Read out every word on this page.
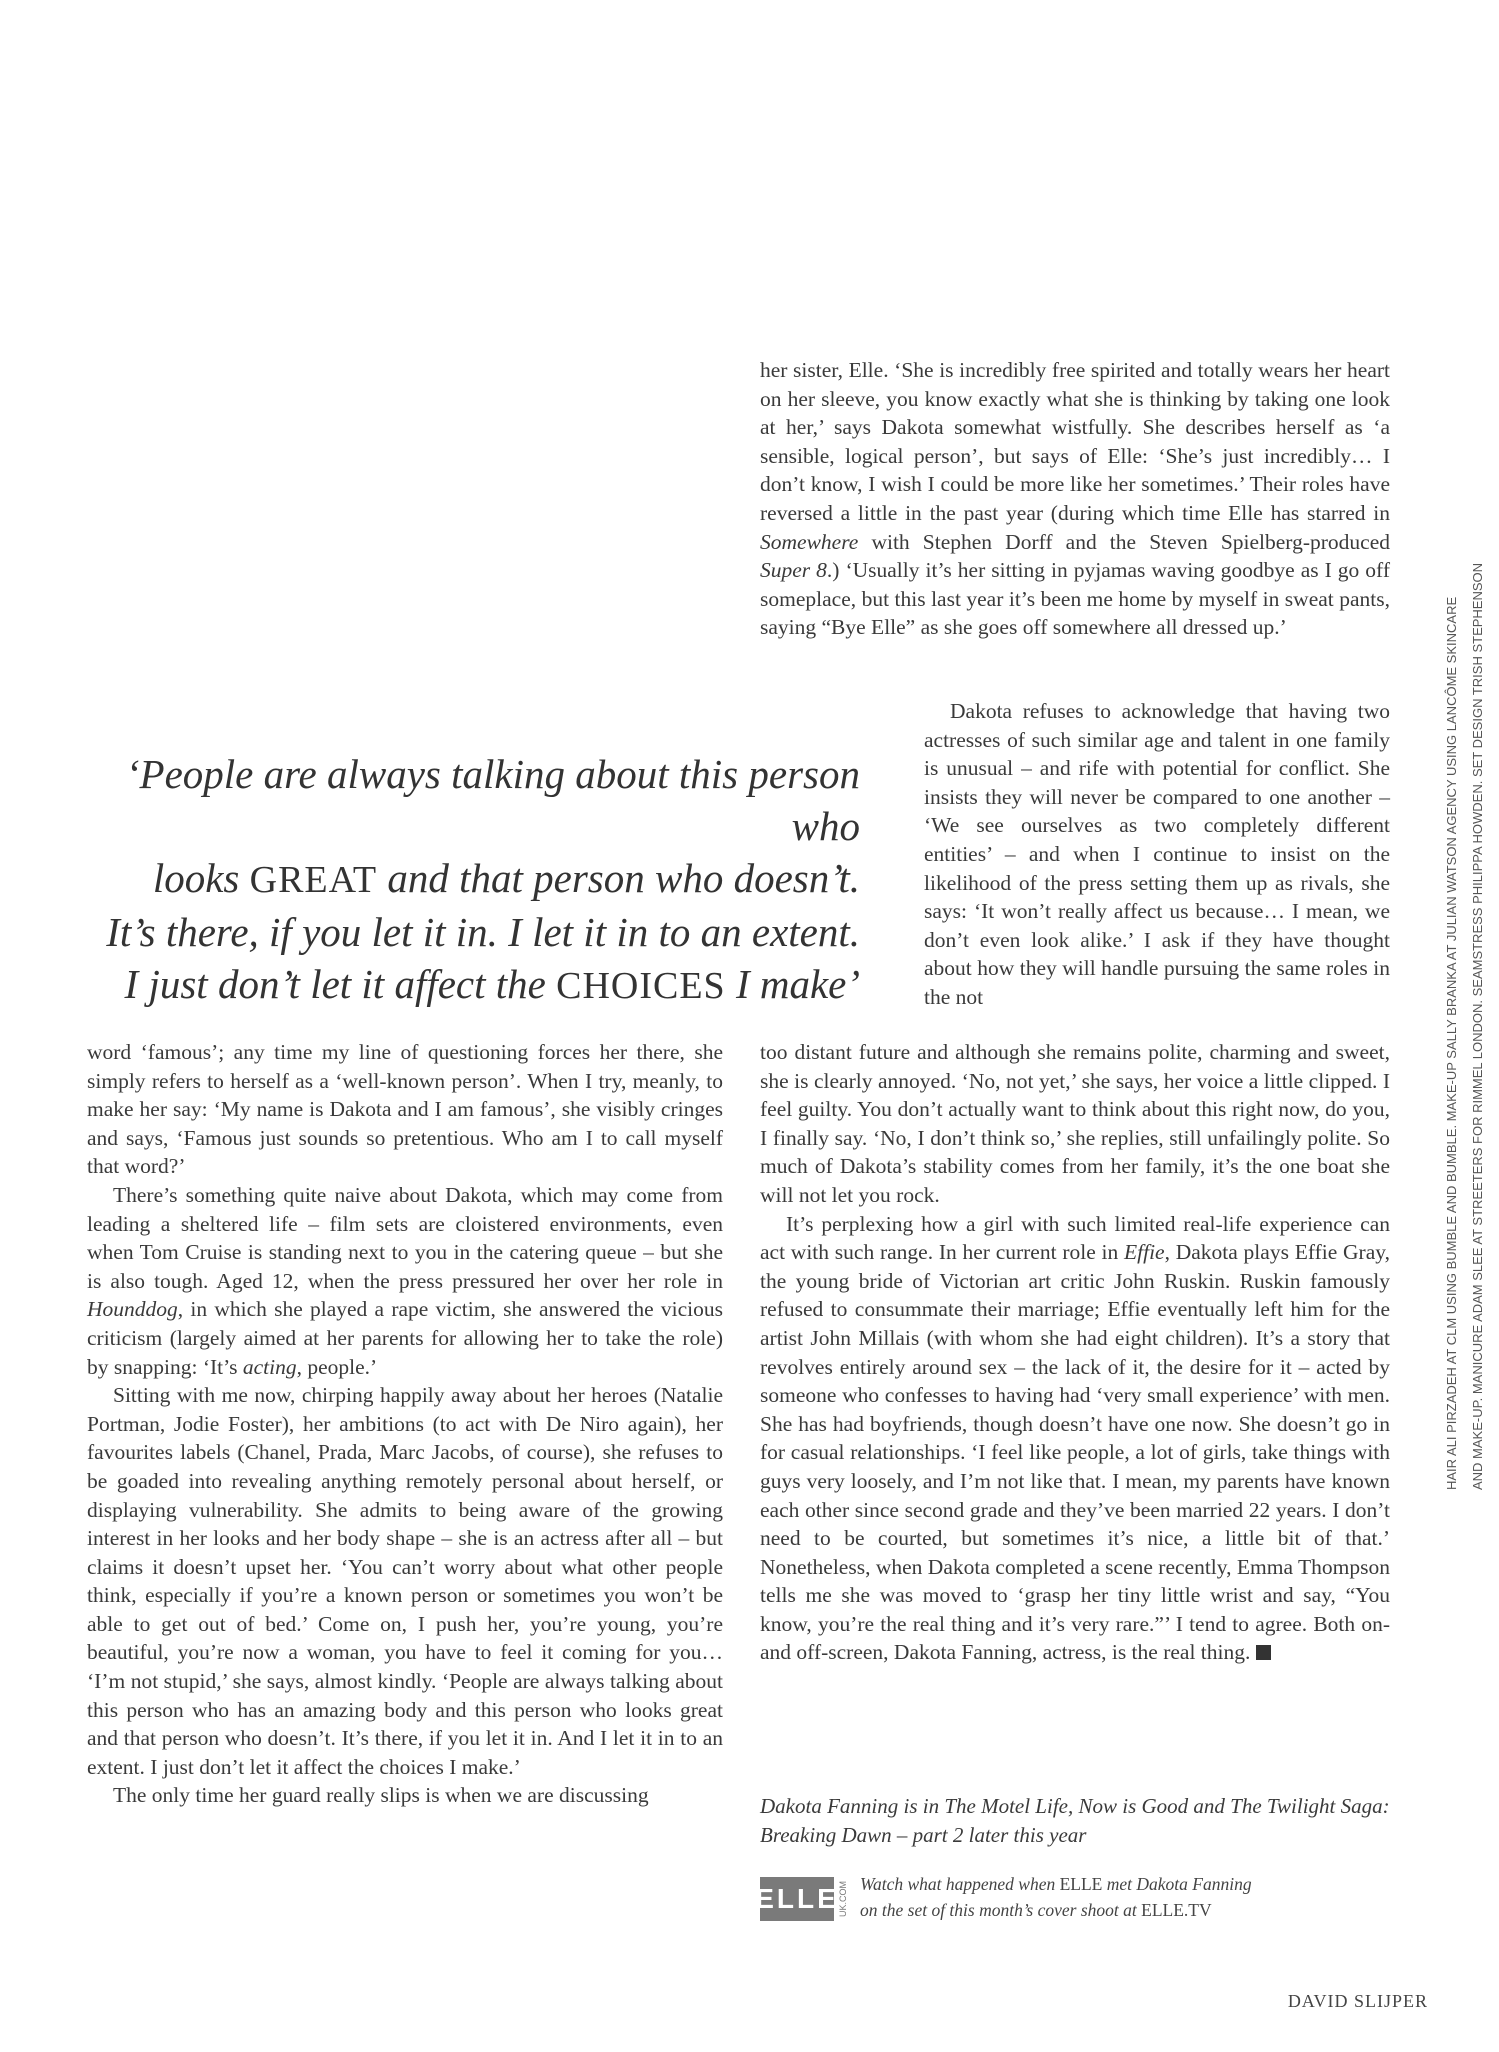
‘People are always talking about this person who
looks GREAT and that person who doesn’t.
It’s there, if you let it in. I let it in to an extent.
I just don’t let it affect the CHOICES I make’

her sister, Elle. ‘She is incredibly free spirited and totally wears her heart on her sleeve, you know exactly what she is thinking by taking one look at her,’ says Dakota somewhat wistfully. She describes herself as ‘a sensible, logical person’, but says of Elle: ‘She’s just incredibly… I don’t know, I wish I could be more like her sometimes.’ Their roles have reversed a little in the past year (during which time Elle has starred in Somewhere with Stephen Dorff and the Steven Spielberg-produced Super 8.) ‘Usually it’s her sitting in pyjamas waving goodbye as I go off someplace, but this last year it’s been me home by myself in sweat pants, saying “Bye Elle” as she goes off somewhere all dressed up.’

Dakota refuses to acknowledge that having two actresses of such similar age and talent in one family is unusual – and rife with potential for conflict. She insists they will never be compared to one another – ‘We see ourselves as two completely different entities’ – and when I continue to insist on the likelihood of the press setting them up as rivals, she says: ‘It won’t really affect us because… I mean, we don’t even look alike.’ I ask if they have thought about how they will handle pursuing the same roles in the not

too distant future and although she remains polite, charming and sweet, she is clearly annoyed. ‘No, not yet,’ she says, her voice a little clipped. I feel guilty. You don’t actually want to think about this right now, do you, I finally say. ‘No, I don’t think so,’ she replies, still unfailingly polite. So much of Dakota’s stability comes from her family, it’s the one boat she will not let you rock.

It’s perplexing how a girl with such limited real-life experience can act with such range. In her current role in Effie, Dakota plays Effie Gray, the young bride of Victorian art critic John Ruskin. Ruskin famously refused to consummate their marriage; Effie eventually left him for the artist John Millais (with whom she had eight children). It’s a story that revolves entirely around sex – the lack of it, the desire for it – acted by someone who confesses to having had ‘very small experience’ with men. She has had boyfriends, though doesn’t have one now. She doesn’t go in for casual relationships. ‘I feel like people, a lot of girls, take things with guys very loosely, and I’m not like that. I mean, my parents have known each other since second grade and they’ve been married 22 years. I don’t need to be courted, but sometimes it’s nice, a little bit of that.’ Nonetheless, when Dakota completed a scene recently, Emma Thompson tells me she was moved to ‘grasp her tiny little wrist and say, “You know, you’re the real thing and it’s very rare.”’ I tend to agree. Both on- and off-screen, Dakota Fanning, actress, is the real thing.

Dakota Fanning is in The Motel Life, Now is Good and The Twilight Saga: Breaking Dawn – part 2 later this year

word ‘famous’; any time my line of questioning forces her there, she simply refers to herself as a ‘well-known person’. When I try, meanly, to make her say: ‘My name is Dakota and I am famous’, she visibly cringes and says, ‘Famous just sounds so pretentious. Who am I to call myself that word?’

There’s something quite naive about Dakota, which may come from leading a sheltered life – film sets are cloistered environments, even when Tom Cruise is standing next to you in the catering queue – but she is also tough. Aged 12, when the press pressured her over her role in Hounddog, in which she played a rape victim, she answered the vicious criticism (largely aimed at her parents for allowing her to take the role) by snapping: ‘It’s acting, people.’

Sitting with me now, chirping happily away about her heroes (Natalie Portman, Jodie Foster), her ambitions (to act with De Niro again), her favourites labels (Chanel, Prada, Marc Jacobs, of course), she refuses to be goaded into revealing anything remotely personal about herself, or displaying vulnerability. She admits to being aware of the growing interest in her looks and her body shape – she is an actress after all – but claims it doesn’t upset her. ‘You can’t worry about what other people think, especially if you’re a known person or sometimes you won’t be able to get out of bed.’ Come on, I push her, you’re young, you’re beautiful, you’re now a woman, you have to feel it coming for you… ‘I’m not stupid,’ she says, almost kindly. ‘People are always talking about this person who has an amazing body and this person who looks great and that person who doesn’t. It’s there, if you let it in. And I let it in to an extent. I just don’t let it affect the choices I make.’

The only time her guard really slips is when we are discussing

ELLE UK.COM Watch what happened when ELLE met Dakota Fanning
on the set of this month’s cover shoot at ELLE.TV
DAVID SLIJPER
HAIR ALI PIRZADEH AT CLM USING BUMBLE AND BUMBLE. MAKE-UP SALLY BRANKA AT JULIAN WATSON AGENCY USING LANCÔME SKINCARE AND MAKE-UP. MANICURE ADAM SLEE AT STREETERS FOR RIMMEL LONDON. SEAMSTRESS PHILIPPA HOWDEN. SET DESIGN TRISH STEPHENSON
